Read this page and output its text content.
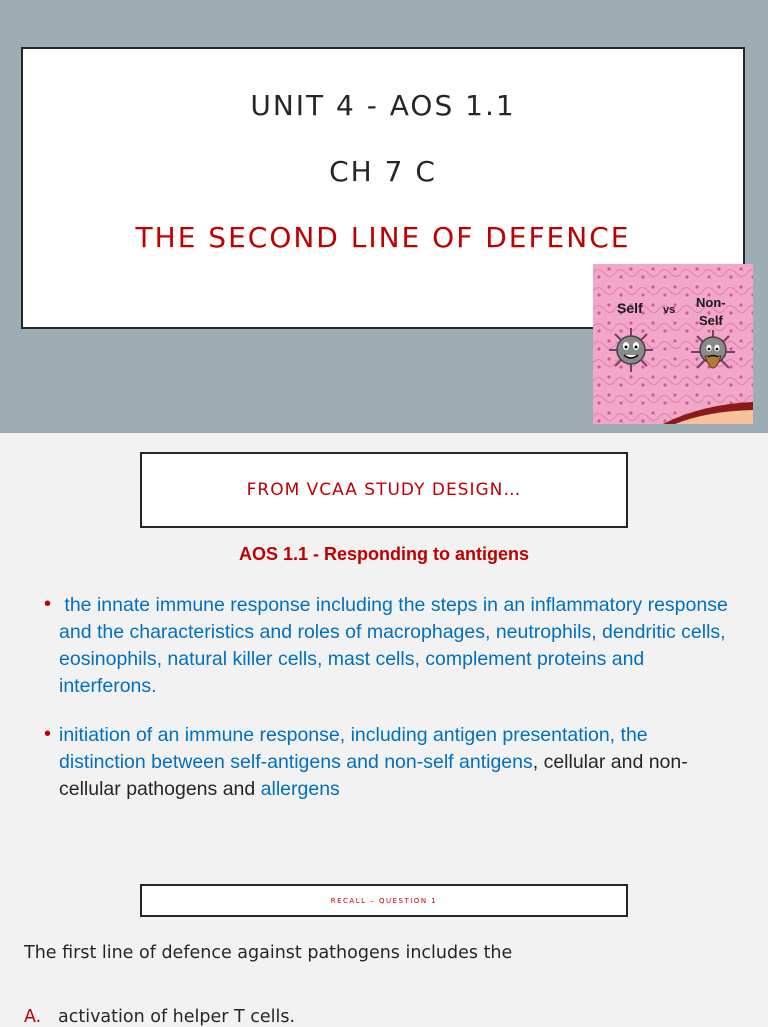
UNIT 4 - AOS 1.1
CH 7 C
THE SECOND LINE OF DEFENCE
Self vs Non-
Self
FROM VCAA STUDY DESIGN…
AOS 1.1 - Responding to antigens
• the innate immune response including the steps in an inflammatory response and the characteristics and roles of macrophages, neutrophils, dendritic cells, eosinophils, natural killer cells, mast cells, complement proteins and interferons.
• initiation of an immune response, including antigen presentation, the distinction between self-antigens and non-self antigens, cellular and non-cellular pathogens and allergens
RECALL – QUESTION 1
The first line of defence against pathogens includes the
A. activation of helper T cells.
